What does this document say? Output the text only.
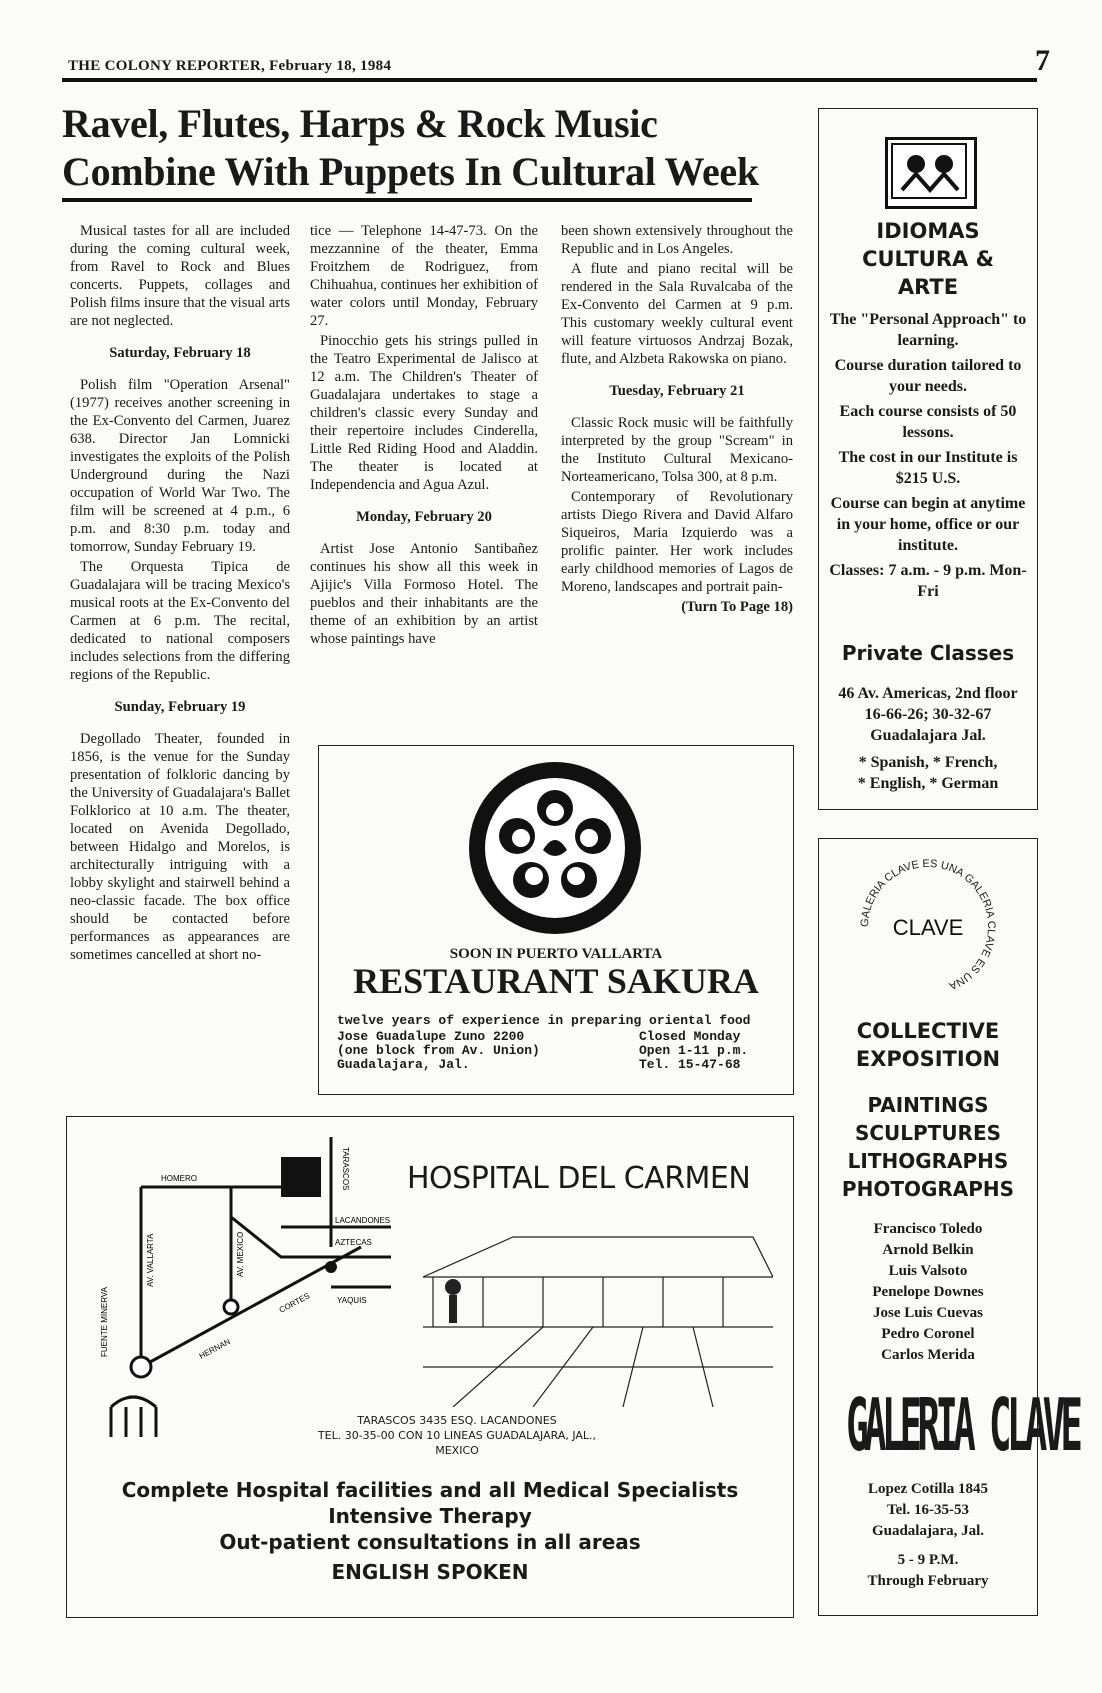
THE COLONY REPORTER, February 18, 1984	7
Ravel, Flutes, Harps & Rock Music
Combine With Puppets In Cultural Week

Musical tastes for all are included during the coming cultural week, from Ravel to Rock and Blues concerts. Puppets, collages and Polish films insure that the visual arts are not neglected.

Saturday, February 18

Polish film "Operation Arsenal" (1977) receives another screening in the Ex-Convento del Carmen, Juarez 638. Director Jan Lomnicki investigates the exploits of the Polish Underground during the Nazi occupation of World War Two. The film will be screened at 4 p.m., 6 p.m. and 8:30 p.m. today and tomorrow, Sunday February 19.

The Orquesta Tipica de Guadalajara will be tracing Mexico's musical roots at the Ex-Convento del Carmen at 6 p.m. The recital, dedicated to national composers includes selections from the differing regions of the Republic.

Sunday, February 19

Degollado Theater, founded in 1856, is the venue for the Sunday presentation of folkloric dancing by the University of Guadalajara's Ballet Folklorico at 10 a.m. The theater, located on Avenida Degollado, between Hidalgo and Morelos, is architecturally intriguing with a lobby skylight and stairwell behind a neo-classic facade. The box office should be contacted before performances as appearances are sometimes cancelled at short no-

tice — Telephone 14-47-73. On the mezzannine of the theater, Emma Froitzhem de Rodriguez, from Chihuahua, continues her exhibition of water colors until Monday, February 27.

Pinocchio gets his strings pulled in the Teatro Experimental de Jalisco at 12 a.m. The Children's Theater of Guadalajara undertakes to stage a children's classic every Sunday and their repertoire includes Cinderella, Little Red Riding Hood and Aladdin. The theater is located at Independencia and Agua Azul.

Monday, February 20

Artist Jose Antonio Santibañez continues his show all this week in Ajijic's Villa Formoso Hotel. The pueblos and their inhabitants are the theme of an exhibition by an artist whose paintings have

been shown extensively throughout the Republic and in Los Angeles.

A flute and piano recital will be rendered in the Sala Ruvalcaba of the Ex-Convento del Carmen at 9 p.m. This customary weekly cultural event will feature virtuosos Andrzaj Bozak, flute, and Alzbeta Rakowska on piano.

Tuesday, February 21

Classic Rock music will be faithfully interpreted by the group "Scream" in the Instituto Cultural Mexicano-Norteamericano, Tolsa 300, at 8 p.m.

Contemporary of Revolutionary artists Diego Rivera and David Alfaro Siqueiros, Maria Izquierdo was a prolific painter. Her work includes early childhood memories of Lagos de Moreno, landscapes and portrait pain-

(Turn To Page 18)

IDIOMAS
CULTURA &
ARTE
The "Personal Approach" to learning.
Course duration tailored to your needs.
Each course consists of 50 lessons.
The cost in our Institute is $215 U.S.
Course can begin at anytime in your home, office or our institute.
Classes: 7 a.m. - 9 p.m. Mon-Fri
Private Classes
46 Av. Americas, 2nd floor
16-66-26; 30-32-67
Guadalajara Jal.
* Spanish, * French,
* English, * German
SOON IN PUERTO VALLARTA
RESTAURANT SAKURA
twelve years of experience in preparing oriental food
Jose Guadalupe Zuno 2200
(one block from Av. Union)
Guadalajara, Jal.
Closed Monday
Open 1-11 p.m.
Tel. 15-47-68
HOMERO	TARASCOS
LACANDONES
AZTECAS
AV. VALLARTA	AV. MEXICO
CORTES
HERNAN
YAQUIS
FUENTE MINERVA
HOSPITAL DEL CARMEN
TARASCOS 3435 ESQ. LACANDONES
TEL. 30-35-00 CON 10 LINEAS GUADALAJARA, JAL.,
MEXICO
Complete Hospital facilities and all Medical Specialists
Intensive Therapy
Out-patient consultations in all areas
ENGLISH SPOKEN
GALERIA CLAVE ES UNA GALERIA CLAVE ES UNA
CLAVE
COLLECTIVE
EXPOSITION
PAINTINGS
SCULPTURES
LITHOGRAPHS
PHOTOGRAPHS
Francisco Toledo
Arnold Belkin
Luis Valsoto
Penelope Downes
Jose Luis Cuevas
Pedro Coronel
Carlos Merida
GALERIA CLAVE
Lopez Cotilla 1845
Tel. 16-35-53
Guadalajara, Jal.
5 - 9 P.M.
Through February
